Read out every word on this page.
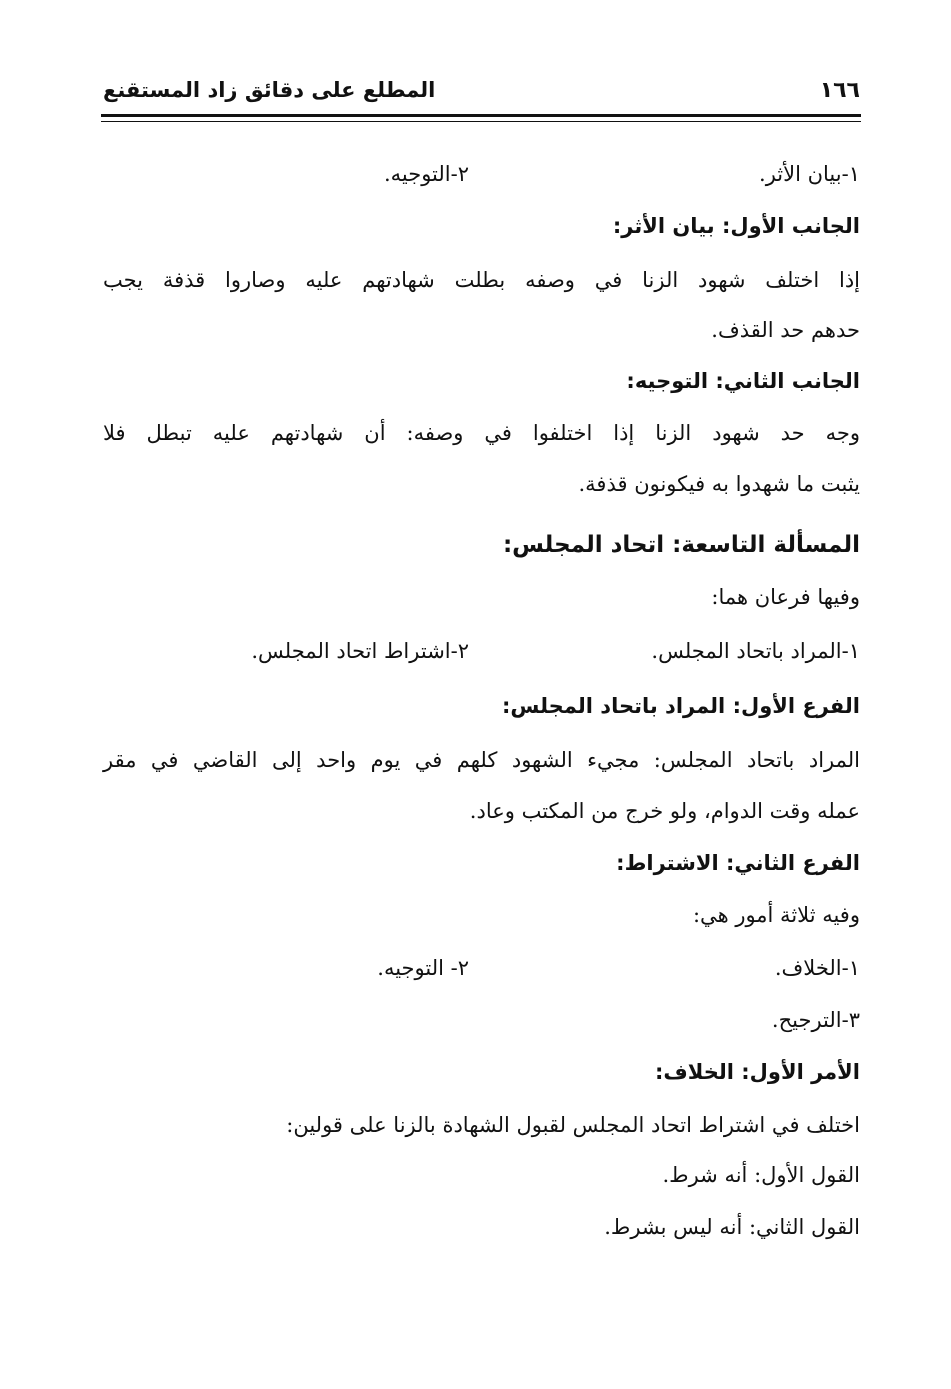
١٦٦
المطلع على دقائق زاد المستقنع
١-بيان الأثر.
٢-التوجيه.
الجانب الأول: بيان الأثر:
إذا اختلف شهود الزنا في وصفه بطلت شهادتهم عليه وصاروا قذفة يجب
حدهم حد القذف.
الجانب الثاني: التوجيه:
وجه حد شهود الزنا إذا اختلفوا في وصفه: أن شهادتهم عليه تبطل فلا
يثبت ما شهدوا به فيكونون قذفة.
المسألة التاسعة: اتحاد المجلس:
وفيها فرعان هما:
١-المراد باتحاد المجلس.
٢-اشتراط اتحاد المجلس.
الفرع الأول: المراد باتحاد المجلس:
المراد باتحاد المجلس: مجيء الشهود كلهم في يوم واحد إلى القاضي في مقر
عمله وقت الدوام، ولو خرج من المكتب وعاد.
الفرع الثاني: الاشتراط:
وفيه ثلاثة أمور هي:
١-الخلاف.
٢- التوجيه.
٣-الترجيح.
الأمر الأول: الخلاف:
اختلف في اشتراط اتحاد المجلس لقبول الشهادة بالزنا على قولين:
القول الأول: أنه شرط.
القول الثاني: أنه ليس بشرط.
